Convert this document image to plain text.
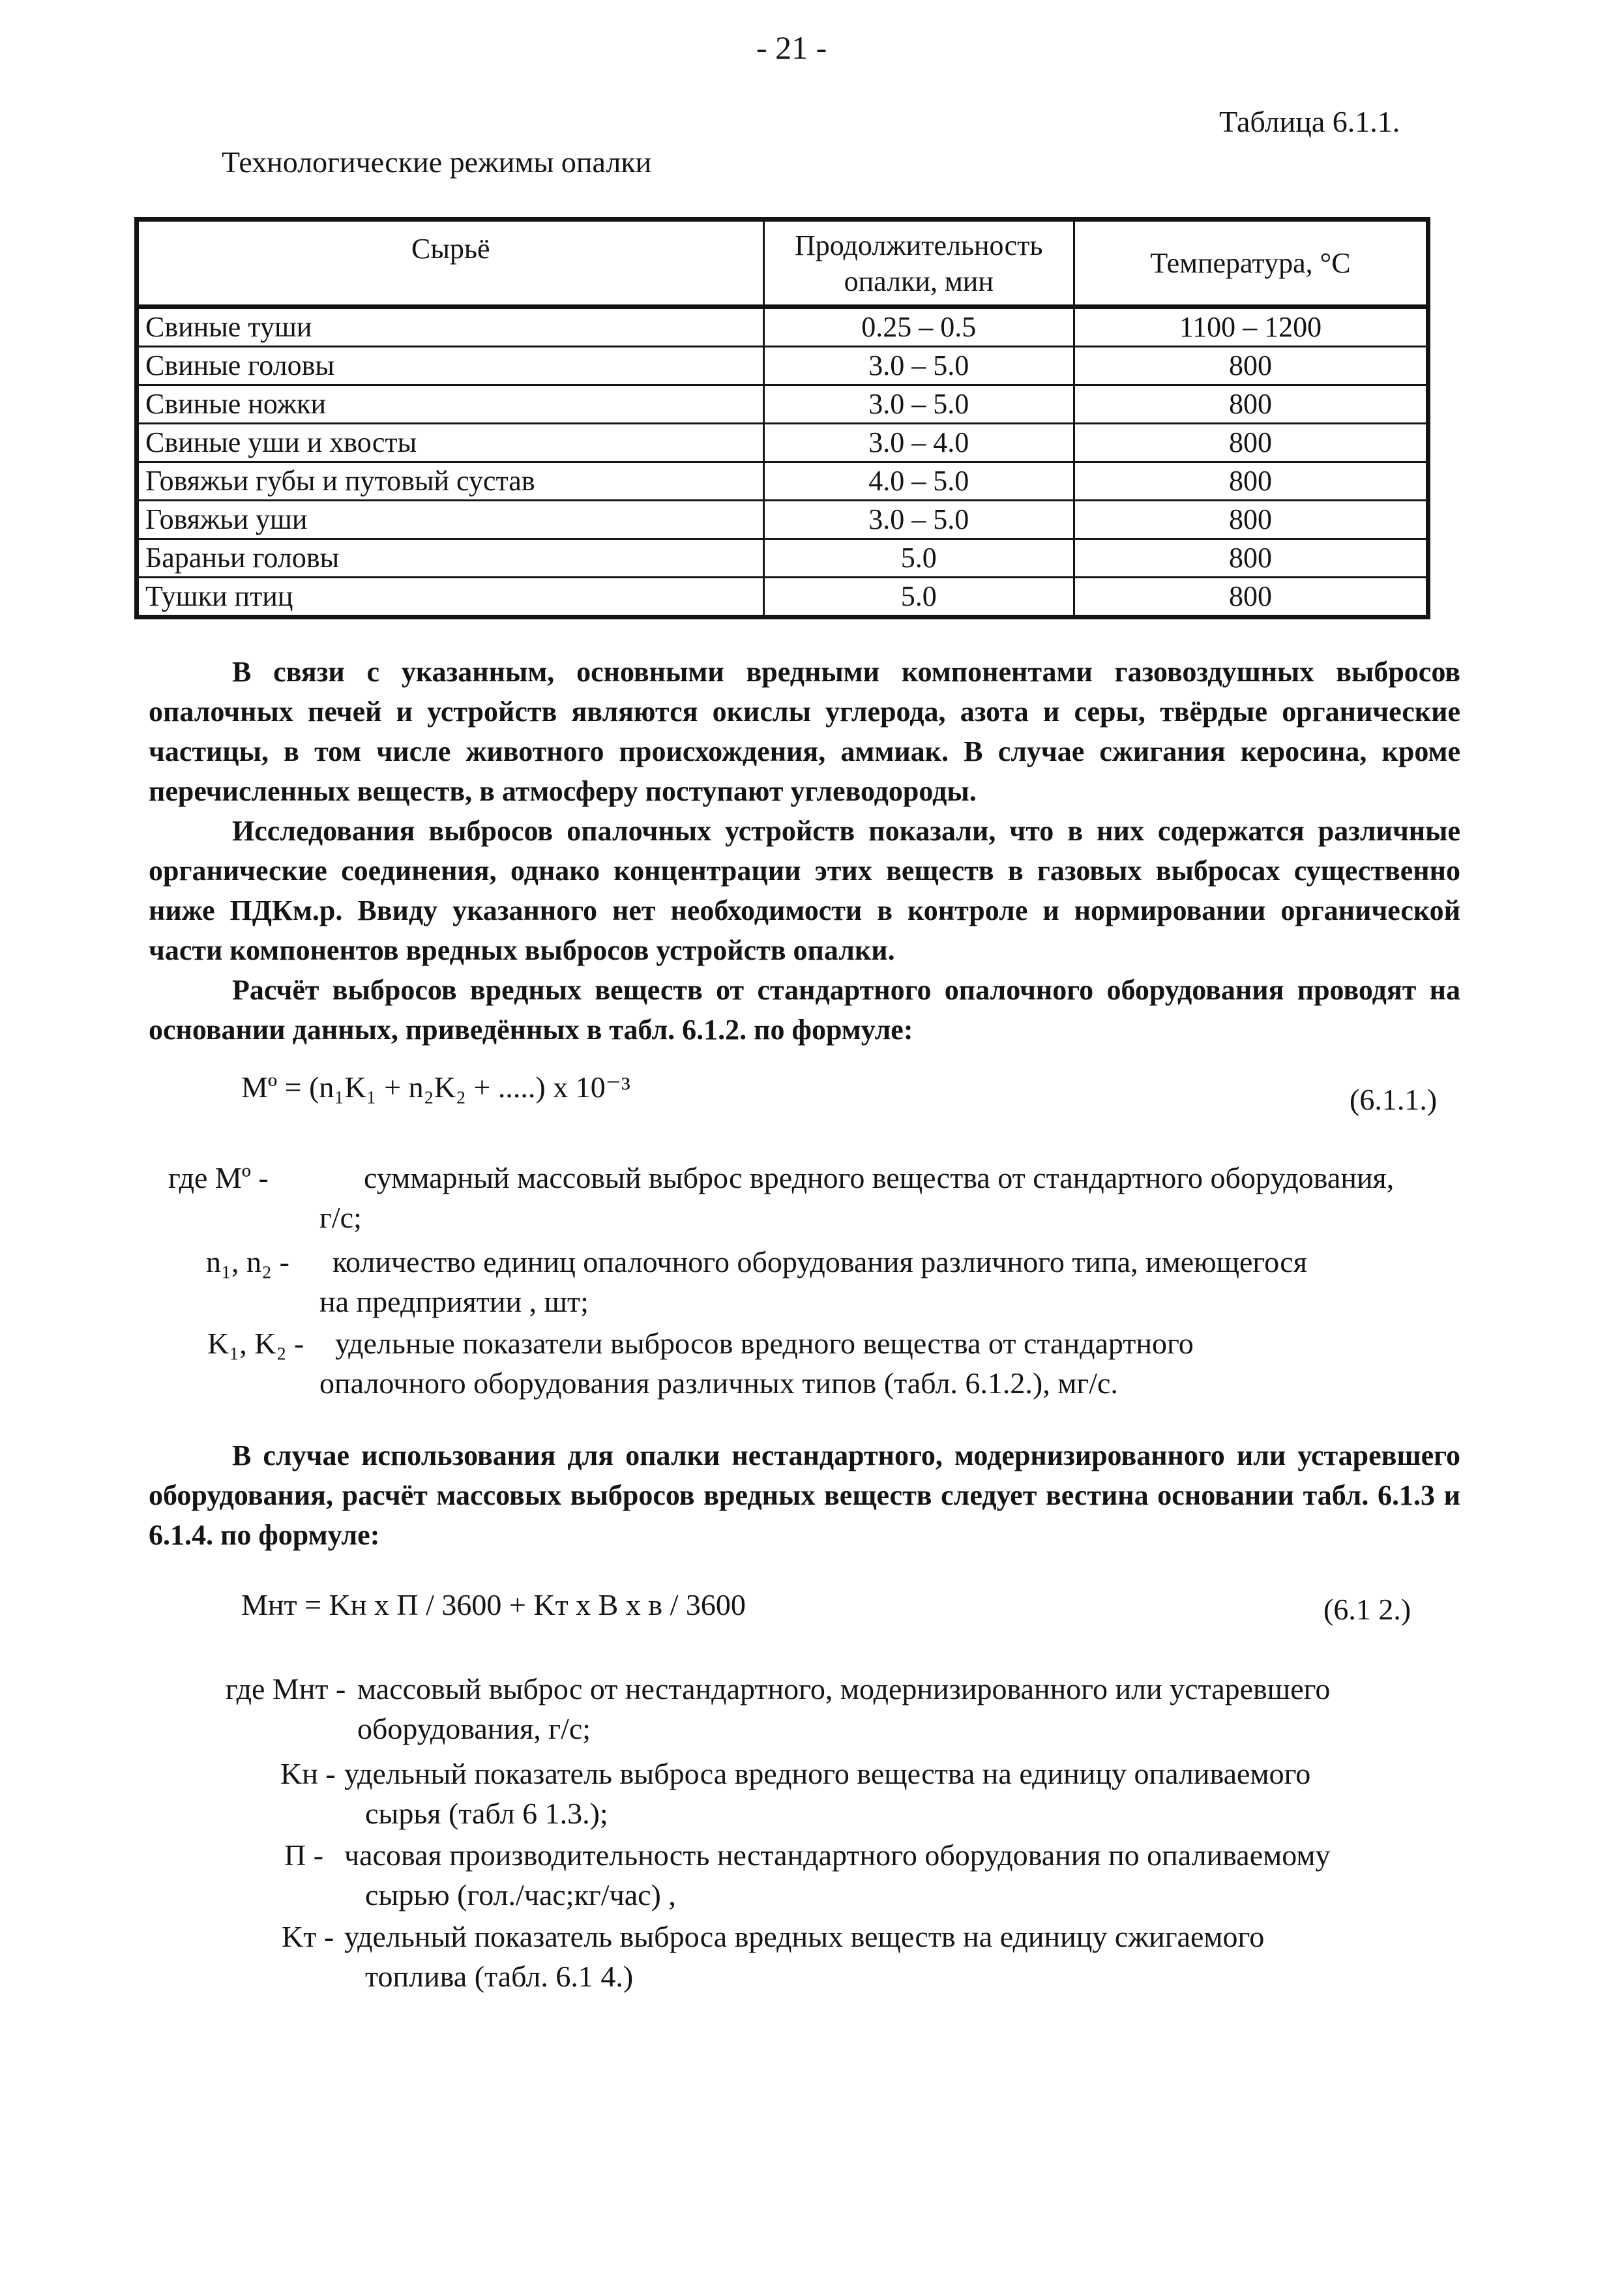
- 21 -
Таблица 6.1.1.
Технологические режимы опалки
Сырьё	Продолжительность опалки, мин	Температура, °С
Свиные туши	0.25 – 0.5	1100 – 1200
Свиные головы	3.0 – 5.0	800
Свиные ножки	3.0 – 5.0	800
Свиные уши и хвосты	3.0 – 4.0	800
Говяжьи губы и путовый сустав	4.0 – 5.0	800
Говяжьи уши	3.0 – 5.0	800
Бараньи головы	5.0	800
Тушки птиц	5.0	800

В связи с указанным, основными вредными компонентами газовоздушных выбросов опалочных печей и устройств являются окислы углерода, азота и серы, твёрдые органические частицы, в том числе животного происхождения, аммиак. В случае сжигания керосина, кроме перечисленных веществ, в атмосферу поступают углеводороды.

Исследования выбросов опалочных устройств показали, что в них содержатся различные органические соединения, однако концентрации этих веществ в газовых выбросах существенно ниже ПДКм.р. Ввиду указанного нет необходимости в контроле и нормировании органической части компонентов вредных выбросов устройств опалки.

Расчёт выбросов вредных веществ от стандартного опалочного оборудования проводят на основании данных, приведённых в табл. 6.1.2. по формуле:

Mº = (n₁K₁ + n₂K₂ + .....) x 10⁻³	(6.1.1.)
где Mº -	суммарный массовый выброс вредного вещества от стандартного оборудования,
г/с;
n₁, n₂ - количество единиц опалочного оборудования различного типа, имеющегося
на предприятии , шт;
K₁, K₂ - удельные показатели выбросов вредного вещества от стандартного
опалочного оборудования различных типов (табл. 6.1.2.), мг/с.

В случае использования для опалки нестандартного, модернизированного или устаревшего оборудования, расчёт массовых выбросов вредных веществ следует вестина основании табл. 6.1.3 и 6.1.4. по формуле:

Mнт = Kн x П / 3600 + Kт x B x в / 3600	(6.1 2.)
где Mнт - массовый выброс от нестандартного, модернизированного или устаревшего
оборудования, г/с;
Kн - удельный показатель выброса вредного вещества на единицу опаливаемого
сырья (табл 6 1.3.);
П - часовая производительность нестандартного оборудования по опаливаемому
сырью (гол./час;кг/час) ,
Kт - удельный показатель выброса вредных веществ на единицу сжигаемого
топлива (табл. 6.1 4.)
